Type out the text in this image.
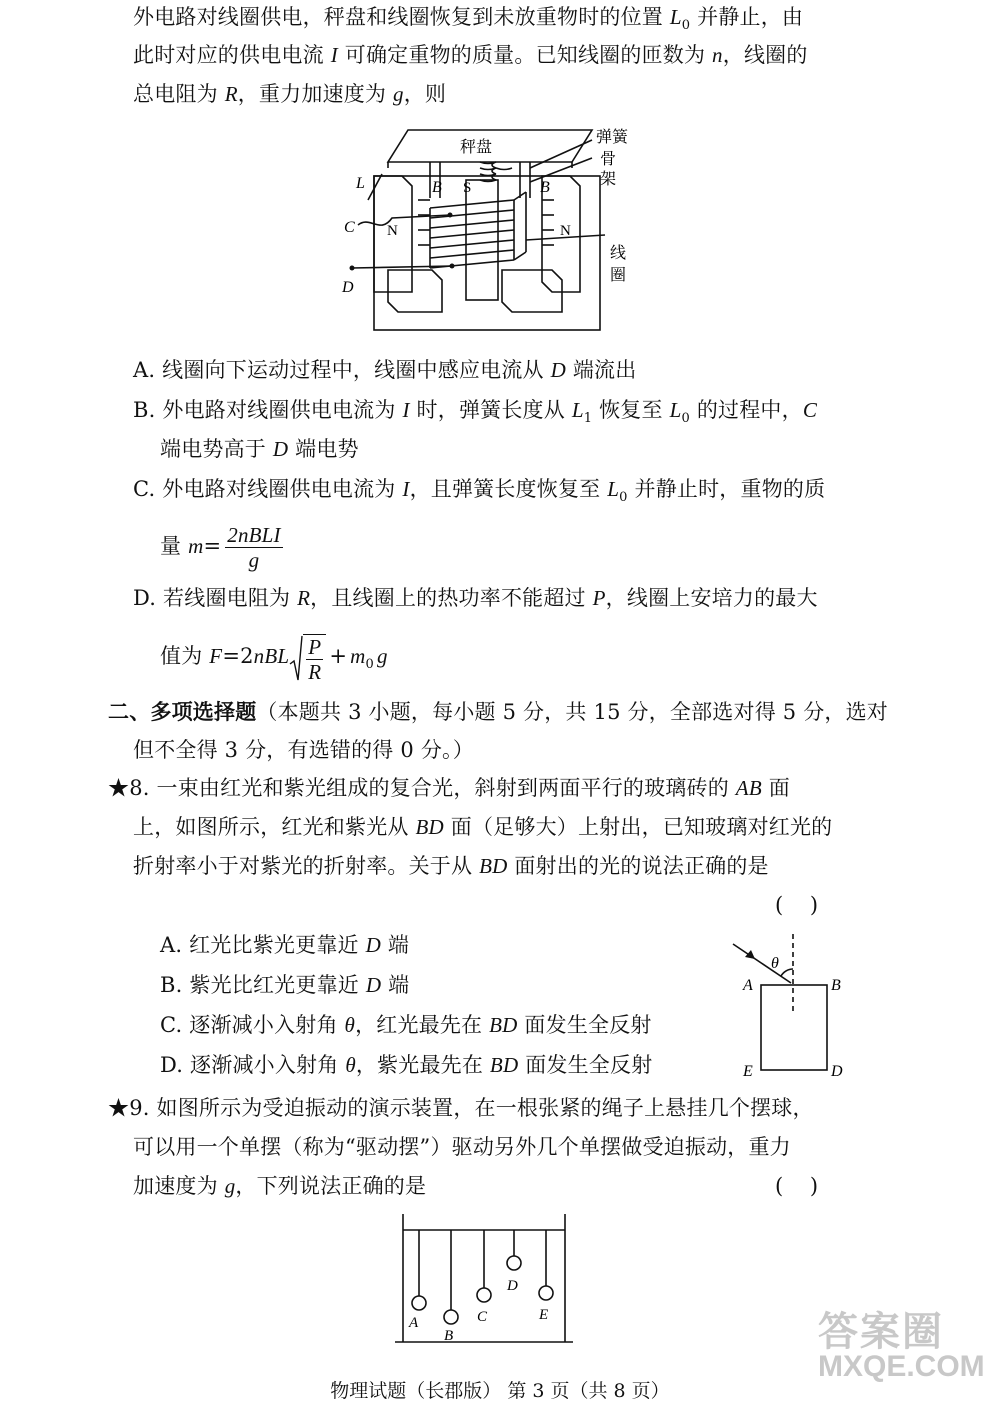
外电路对线圈供电，秤盘和线圈恢复到未放重物时的位置 $L_0$ 并静止，由
此时对应的供电电流 I 可确定重物的质量。已知线圈的匝数为 n，线圈的
总电阻为 R，重力加速度为 g，则
秤盘
弹簧
骨
架
线
圈
L	B S	B
N	N
C
D
A. 线圈向下运动过程中，线圈中感应电流从 D 端流出
B. 外电路对线圈供电电流为 I 时，弹簧长度从 $L_1$ 恢复至 $L_0$ 的过程中，C
端电势高于 D 端电势
C. 外电路对线圈供电电流为 I，且弹簧长度恢复至 $L_0$ 并静止时，重物的质
量 $m= \frac{\text{2nBLI}}{g}$
D. 若线圈电阻为 R，且线圈上的热功率不能超过 P，线圈上安培力的最大
值为 $F=2nBL \frac{P}{R} + m_0$ g
二、多项选择题（本题共 3 小题，每小题 5 分，共 15 分，全部选对得 5 分，选对
但不全得 3 分，有选错的得 0 分。）
★8. 一束由红光和紫光组成的复合光，斜射到两面平行的玻璃砖的 AB 面
上，如图所示，红光和紫光从 BD 面（足够大）上射出，已知玻璃对红光的
折射率小于对紫光的折射率。关于从 BD 面射出的光的说法正确的是
(    )
A. 红光比紫光更靠近 D 端
B. 紫光比红光更靠近 D 端
C. 逐渐减小入射角 θ，红光最先在 BD 面发生全反射
D. 逐渐减小入射角 θ，紫光最先在 BD 面发生全反射
θ
A	B
E	D
★9. 如图所示为受迫振动的演示装置，在一根张紧的绳子上悬挂几个摆球，
可以用一个单摆（称为“驱动摆”）驱动另外几个单摆做受迫振动，重力
加速度为 g，下列说法正确的是	(    )
A
B
C
D
E	答案圈
MXQE.COM
物理试题（长郡版） 第 3 页（共 8 页）
